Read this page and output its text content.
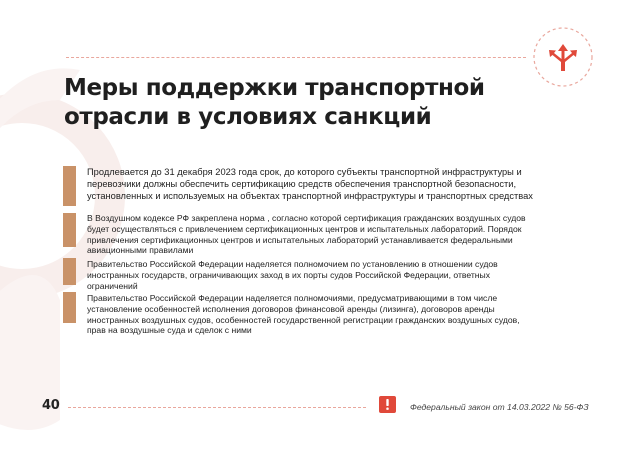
Меры поддержки транспортной
отрасли в условиях санкций
Продлевается до 31 декабря 2023 года срок, до которого субъекты транспортной инфраструктуры и перевозчики должны обеспечить сертификацию средств обеспечения транспортной безопасности, установленных и используемых на объектах транспортной инфраструктуры и транспортных средствах
В Воздушном кодексе РФ закреплена норма , согласно которой сертификация гражданских воздушных судов будет осуществляться с привлечением сертификационных центров и испытательных лабораторий. Порядок привлечения сертификационных центров и испытательных лабораторий устанавливается федеральными авиационными правилами
Правительство Российской Федерации наделяется полномочием по установлению в отношении судов иностранных государств, ограничивающих заход в их порты судов Российской Федерации, ответных ограничений
Правительство Российской Федерации наделяется полномочиями, предусматривающими в том числе установление особенностей исполнения договоров финансовой аренды (лизинга), договоров аренды иностранных воздушных судов, особенностей государственной регистрации гражданских воздушных судов, прав на воздушные суда и сделок с ними
40	Федеральный закон от 14.03.2022 № 56-ФЗ
